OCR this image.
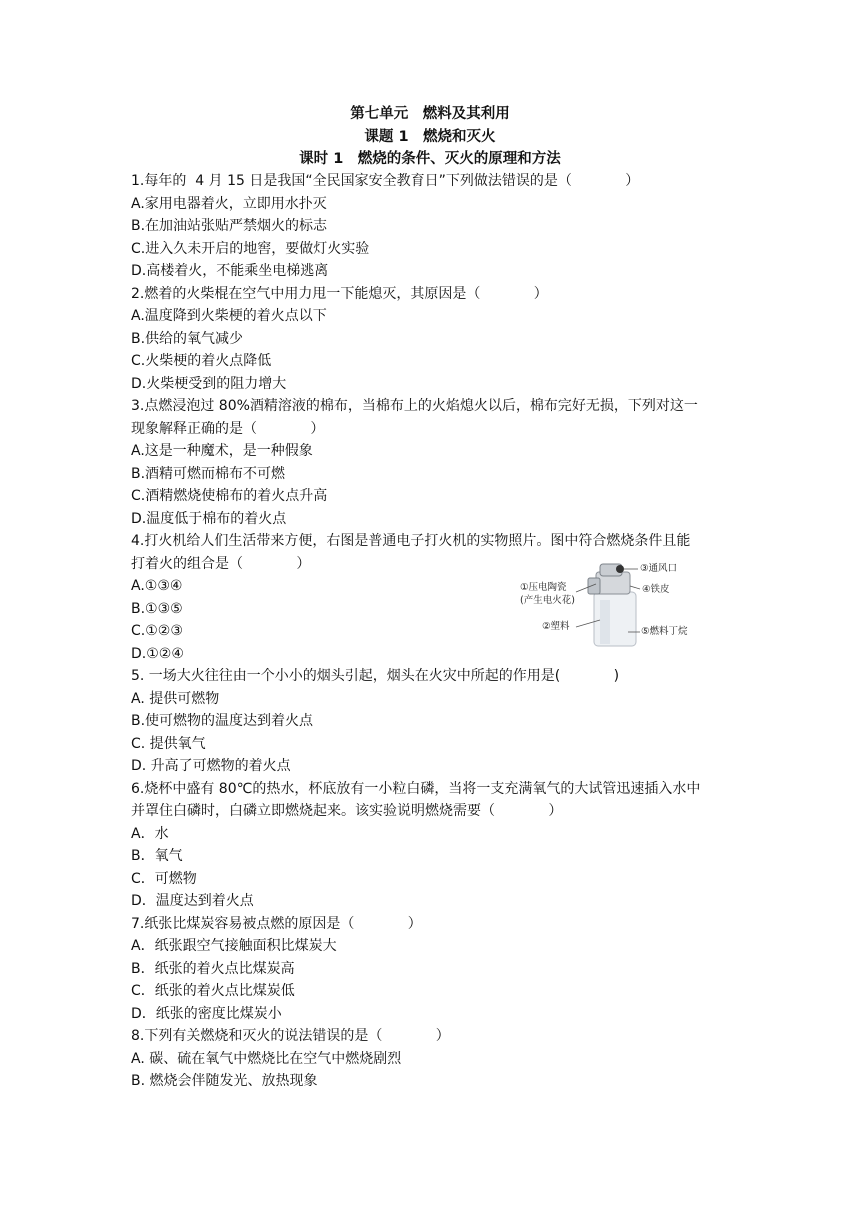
第七单元　燃料及其利用
课题 1　燃烧和灭火
课时 1　燃烧的条件、灭火的原理和方法
1.每年的  4 月 15 日是我国“全民国家安全教育日”下列做法错误的是（            ）
A.家用电器着火，立即用水扑灭
B.在加油站张贴严禁烟火的标志
C.进入久未开启的地窖，要做灯火实验
D.高楼着火，不能乘坐电梯逃离
2.燃着的火柴棍在空气中用力甩一下能熄灭，其原因是（            ）
A.温度降到火柴梗的着火点以下
B.供给的氧气减少
C.火柴梗的着火点降低
D.火柴梗受到的阻力增大
3.点燃浸泡过 80%酒精溶液的棉布，当棉布上的火焰熄火以后，棉布完好无损，下列对这一
现象解释正确的是（            ）
A.这是一种魔术，是一种假象
B.酒精可燃而棉布不可燃
C.酒精燃烧使棉布的着火点升高
D.温度低于棉布的着火点
4.打火机给人们生活带来方便，右图是普通电子打火机的实物照片。图中符合燃烧条件且能
打着火的组合是（            ）
A.①③④
B.①③⑤
C.①②③
D.①②④
5. 一场大火往往由一个小小的烟头引起，烟头在火灾中所起的作用是(            )
A. 提供可燃物
B.使可燃物的温度达到着火点
C. 提供氧气
D. 升高了可燃物的着火点
6.烧杯中盛有 80℃的热水，杯底放有一小粒白磷，当将一支充满氧气的大试管迅速插入水中
并罩住白磷时，白磷立即燃烧起来。该实验说明燃烧需要（            ）
A．水
B．氧气
C．可燃物
D．温度达到着火点
7.纸张比煤炭容易被点燃的原因是（            ）
A．纸张跟空气接触面积比煤炭大
B．纸张的着火点比煤炭高
C．纸张的着火点比煤炭低
D．纸张的密度比煤炭小
8.下列有关燃烧和灭火的说法错误的是（            ）
A. 碳、硫在氧气中燃烧比在空气中燃烧剧烈
B. 燃烧会伴随发光、放热现象
①压电陶瓷
(产生电火花)
②塑料
③通风口
④铁皮
⑤燃料丁烷
